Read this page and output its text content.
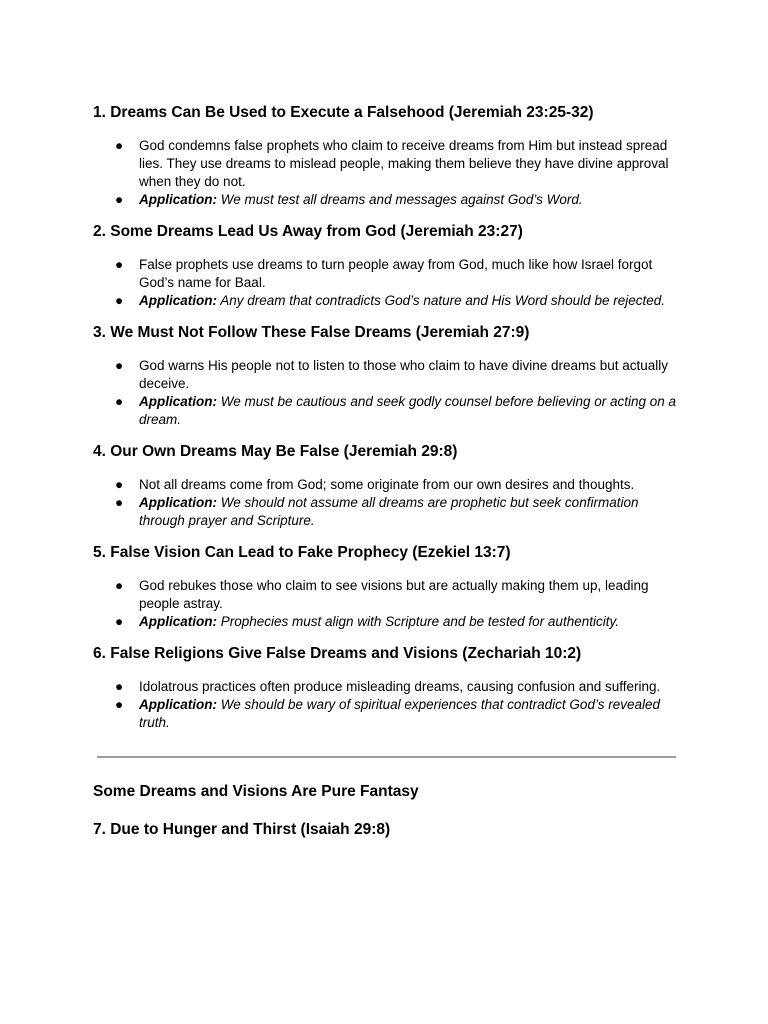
1. Dreams Can Be Used to Execute a Falsehood (Jeremiah 23:25-32)
● God condemns false prophets who claim to receive dreams from Him but instead spread lies. They use dreams to mislead people, making them believe they have divine approval when they do not.
● Application: We must test all dreams and messages against God’s Word.
2. Some Dreams Lead Us Away from God (Jeremiah 23:27)
● False prophets use dreams to turn people away from God, much like how Israel forgot God’s name for Baal.
● Application: Any dream that contradicts God’s nature and His Word should be rejected.
3. We Must Not Follow These False Dreams (Jeremiah 27:9)
● God warns His people not to listen to those who claim to have divine dreams but actually deceive.
● Application: We must be cautious and seek godly counsel before believing or acting on a dream.
4. Our Own Dreams May Be False (Jeremiah 29:8)
● Not all dreams come from God; some originate from our own desires and thoughts.
● Application: We should not assume all dreams are prophetic but seek confirmation through prayer and Scripture.
5. False Vision Can Lead to Fake Prophecy (Ezekiel 13:7)
● God rebukes those who claim to see visions but are actually making them up, leading people astray.
● Application: Prophecies must align with Scripture and be tested for authenticity.
6. False Religions Give False Dreams and Visions (Zechariah 10:2)
● Idolatrous practices often produce misleading dreams, causing confusion and suffering.
● Application: We should be wary of spiritual experiences that contradict God’s revealed truth.
Some Dreams and Visions Are Pure Fantasy
7. Due to Hunger and Thirst (Isaiah 29:8)
